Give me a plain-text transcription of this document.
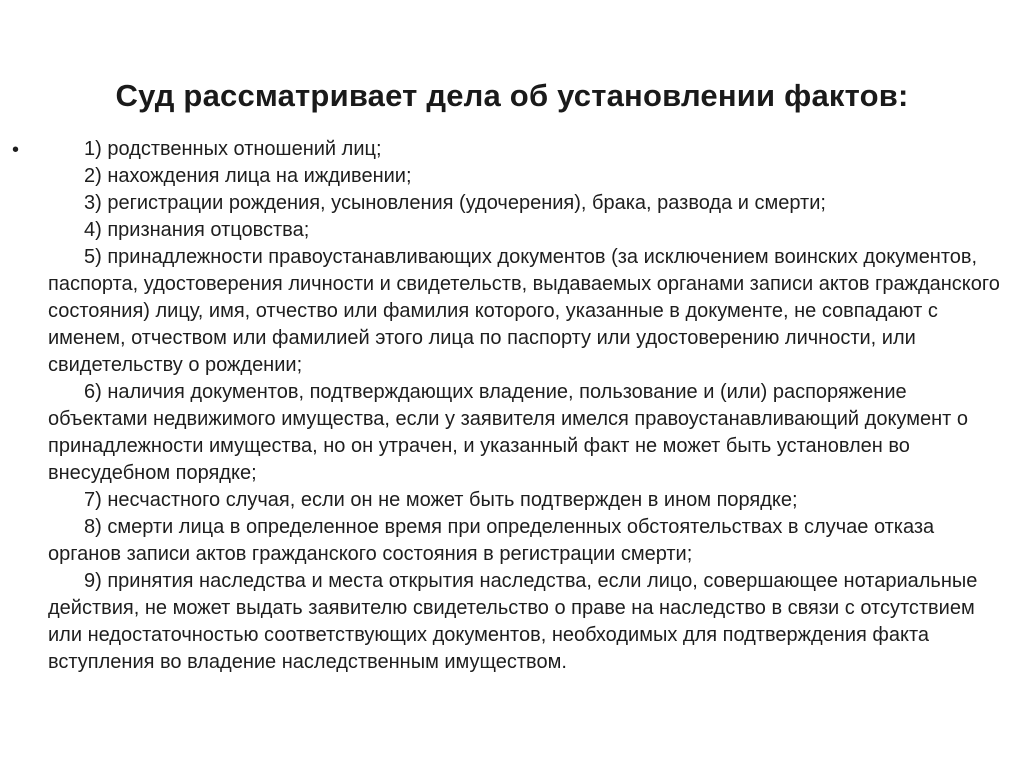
Суд рассматривает дела об установлении фактов:
•	1) родственных отношений лиц;

2) нахождения лица на иждивении;

3) регистрации рождения, усыновления (удочерения), брака, развода и смерти;

4) признания отцовства;

5) принадлежности правоустанавливающих документов (за исключением воинских документов, паспорта, удостоверения личности и свидетельств, выдаваемых органами записи актов гражданского состояния) лицу, имя, отчество или фамилия которого, указанные в документе, не совпадают с именем, отчеством или фамилией этого лица по паспорту или удостоверению личности, или свидетельству о рождении;

6) наличия документов, подтверждающих владение, пользование и (или) распоряжение объектами недвижимого имущества, если у заявителя имелся правоустанавливающий документ о принадлежности имущества, но он утрачен, и указанный факт не может быть установлен во внесудебном порядке;

7) несчастного случая, если он не может быть подтвержден в ином порядке;

8) смерти лица в определенное время при определенных обстоятельствах в случае отказа органов записи актов гражданского состояния в регистрации смерти;

9) принятия наследства и места открытия наследства, если лицо, совершающее нотариальные действия, не может выдать заявителю свидетельство о праве на наследство в связи с отсутствием или недостаточностью соответствующих документов, необходимых для подтверждения факта вступления во владение наследственным имуществом.
